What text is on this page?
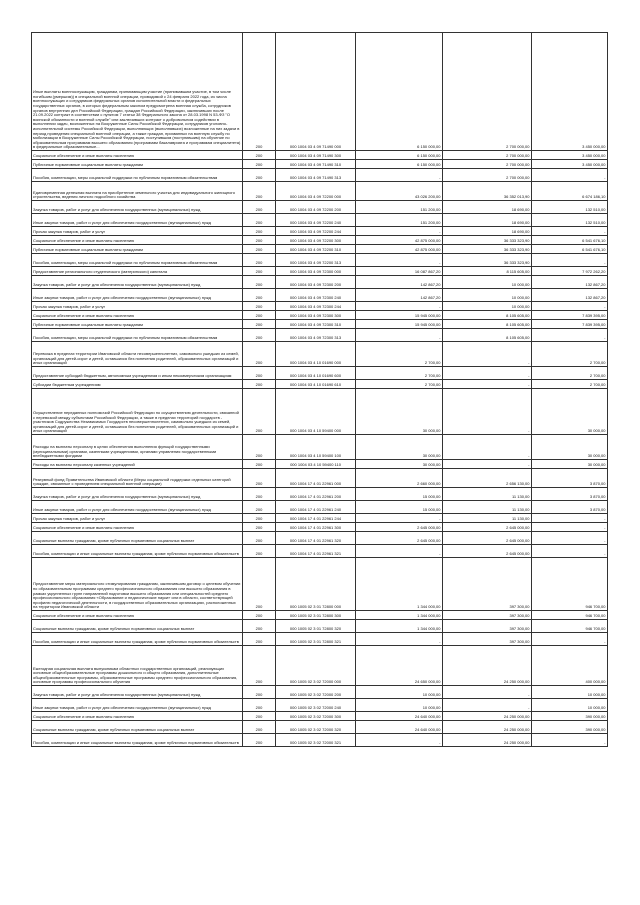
Иные выплаты военнослужащим, гражданам, принимающим участие (принимавшим участие, в том числе погибшим (умершим)) в специальной военной операции, проводимой с 24 февраля 2022 года, из числа военнослужащих и сотрудников федеральных органов исполнительной власти и федеральных государственных органов, в которых федеральным законом предусмотрена военная служба, сотрудников органов внутренних дел Российской Федерации, граждан Российской Федерации, заключивших после 21.09.2022 контракт в соответствии с пунктом 7 статьи 38 Федерального закона от 28.03.1998 N 53-ФЗ "О воинской обязанности и военной службе" или заключивших контракт о добровольном содействии в выполнении задач, возложенных на Вооруженные Силы Российской Федерации, сотрудников уголовно-исполнительной системы Российской Федерации, выполняющих (выполнявших) возложенные на них задачи в период проведения специальной военной операции, а также граждан, призванных на военную службу по мобилизации в Вооруженные Силы Российской Федерации, поступившим (поступившим) на обучение по образовательным программам высшего образования (программам бакалавриата и программам специалитета) в федеральные образовательные...	200	000 1004 03 4 09 71490 000	6 150 000,00	2 700 000,00	3 450 000,00
Социальное обеспечение и иные выплаты населению	200	000 1004 03 4 09 71490 300	6 150 000,00	2 700 000,00	3 450 000,00
Публичные нормативные социальные выплаты гражданам	200	000 1004 03 4 09 71490 310	6 150 000,00	2 700 000,00	3 450 000,00
Пособия, компенсации, меры социальной поддержки по публичным нормативным обязательствам	200	000 1004 03 4 09 71490 313	-	2 700 000,00	-
Единовременная денежная выплата на приобретение земельного участка для индивидуального жилищного строительства, ведения личного подсобного хозяйства	200	000 1004 03 4 09 72200 000	43 026 200,00	36 352 013,90	6 674 186,10
Закупка товаров, работ и услуг для обеспечения государственных (муниципальных) нужд	200	000 1004 03 4 09 72200 200	151 200,00	18 690,00	132 510,00
Иные закупки товаров, работ и услуг для обеспечения государственных (муниципальных) нужд	200	000 1004 03 4 09 72200 240	151 200,00	18 690,00	132 510,00
Прочая закупка товаров, работ и услуг	200	000 1004 03 4 09 72200 244	-	18 690,00	-
Социальное обеспечение и иные выплаты населению	200	000 1004 03 4 09 72200 300	42 875 000,00	36 333 323,90	6 541 676,10
Публичные нормативные социальные выплаты гражданам	200	000 1004 03 4 09 72200 310	42 875 000,00	36 333 323,90	6 541 676,10
Пособия, компенсации, меры социальной поддержки по публичным нормативным обязательствам	200	000 1004 03 4 09 72200 313	-	36 333 323,90	-
Предоставление регионального студенческого (материнского) капитала	200	000 1004 03 4 09 72300 000	16 087 867,20	8 115 605,00	7 972 262,20
Закупка товаров, работ и услуг для обеспечения государственных (муниципальных) нужд	200	000 1004 03 4 09 72300 200	142 867,20	10 000,00	132 867,20
Иные закупки товаров, работ и услуг для обеспечения государственных (муниципальных) нужд	200	000 1004 03 4 09 72300 240	142 867,20	10 000,00	132 867,20
Прочая закупка товаров, работ и услуг	200	000 1004 03 4 09 72300 244	-	10 000,00	-
Социальное обеспечение и иные выплаты населению	200	000 1004 03 4 09 72300 300	15 945 000,00	8 105 605,00	7 839 395,00
Публичные нормативные социальные выплаты гражданам	200	000 1004 03 4 09 72300 310	15 945 000,00	8 105 605,00	7 839 395,00
Пособия, компенсации, меры социальной поддержки по публичным нормативным обязательствам	200	000 1004 03 4 09 72300 313	-	8 105 605,00	-
Перевозка в пределах территории Ивановской области несовершеннолетних, самовольно ушедших из семей, организаций для детей-сирот и детей, оставшихся без попечения родителей, образовательных организаций и иных организаций	200	000 1004 03 4 10 01690 000	2 700,00	-	2 700,00
Предоставление субсидий бюджетным, автономным учреждениям и иным некоммерческим организациям	200	000 1004 03 4 10 01690 600	2 700,00	-	2 700,00
Субсидии бюджетным учреждениям	200	000 1004 03 4 10 01690 610	2 700,00	-	2 700,00
Осуществление переданных полномочий Российской Федерации по осуществлению деятельности, связанной с перевозкой между субъектами Российской Федерации, а также в пределах территорий государств - участников Содружества Независимых Государств несовершеннолетних, самовольно ушедших из семей, организаций для детей-сирот и детей, оставшихся без попечения родителей, образовательных организаций и иных организаций	200	000 1004 03 4 10 59400 000	30 000,00	-	30 000,00
Расходы на выплаты персоналу в целях обеспечения выполнения функций государственными (муниципальными) органами, казенными учреждениями, органами управления государственными внебюджетными фондами	200	000 1004 03 4 10 59400 100	30 000,00	-	30 000,00
Расходы на выплаты персоналу казенных учреждений	200	000 1004 03 4 10 59400 110	30 000,00	-	30 000,00
Резервный фонд Правительства Ивановской области (Меры социальной поддержки отдельных категорий граждан, связанные с проведением специальной военной операции)	200	000 1004 17 4 01 22961 000	2 660 000,00	2 656 130,00	3 870,00
Закупка товаров, работ и услуг для обеспечения государственных (муниципальных) нужд	200	000 1004 17 4 01 22961 200	15 000,00	11 130,00	3 870,00
Иные закупки товаров, работ и услуг для обеспечения государственных (муниципальных) нужд	200	000 1004 17 4 01 22961 240	15 000,00	11 130,00	3 870,00
Прочая закупка товаров, работ и услуг	200	000 1004 17 4 01 22961 244	-	11 130,00	-
Социальное обеспечение и иные выплаты населению	200	000 1004 17 4 01 22961 300	2 645 000,00	2 645 000,00	-
Социальные выплаты гражданам, кроме публичных нормативных социальных выплат	200	000 1004 17 4 01 22961 320	2 645 000,00	2 645 000,00	-
Пособия, компенсации и иные социальные выплаты гражданам, кроме публичных нормативных обязательств	200	000 1004 17 4 01 22961 321	-	2 645 000,00	-
Предоставление меры материального стимулирования гражданам, заключившим договор о целевом обучении по образовательным программам среднего профессионального образования или высшего образования в рамках укрупненных групп направлений подготовки высшего образования или специальностей среднего профессионального образования «Образование и педагогические науки» или в области, соответствующей профилю педагогической деятельности, в государственных образовательных организациях, расположенных на территории Ивановской области	200	000 1005 02 3 01 72800 000	1 344 000,00	397 300,00	946 700,00
Социальное обеспечение и иные выплаты населению	200	000 1005 02 3 01 72800 300	1 344 000,00	397 300,00	946 700,00
Социальные выплаты гражданам, кроме публичных нормативных социальных выплат	200	000 1005 02 3 01 72800 320	1 344 000,00	397 300,00	946 700,00
Пособия, компенсации и иные социальные выплаты гражданам, кроме публичных нормативных обязательств	200	000 1005 02 3 01 72800 321	-	397 300,00	-
Ежегодная социальная выплата выпускникам областных государственных организаций, реализующих основные общеобразовательные программы дошкольного и общего образования, дополнительные общеобразовательные программы, образовательные программы среднего профессионального образования, основные программы профессионального обучения	200	000 1005 02 3 02 72000 000	24 650 000,00	24 250 000,00	400 000,00
Закупка товаров, работ и услуг для обеспечения государственных (муниципальных) нужд	200	000 1005 02 3 02 72000 200	10 000,00	-	10 000,00
Иные закупки товаров, работ и услуг для обеспечения государственных (муниципальных) нужд	200	000 1005 02 3 02 72000 240	10 000,00	-	10 000,00
Социальное обеспечение и иные выплаты населению	200	000 1005 02 3 02 72000 300	24 640 000,00	24 250 000,00	390 000,00
Социальные выплаты гражданам, кроме публичных нормативных социальных выплат	200	000 1005 02 3 02 72000 320	24 640 000,00	24 250 000,00	390 000,00
Пособия, компенсации и иные социальные выплаты гражданам, кроме публичных нормативных обязательств	200	000 1005 02 3 02 72000 321	-	24 250 000,00	-
